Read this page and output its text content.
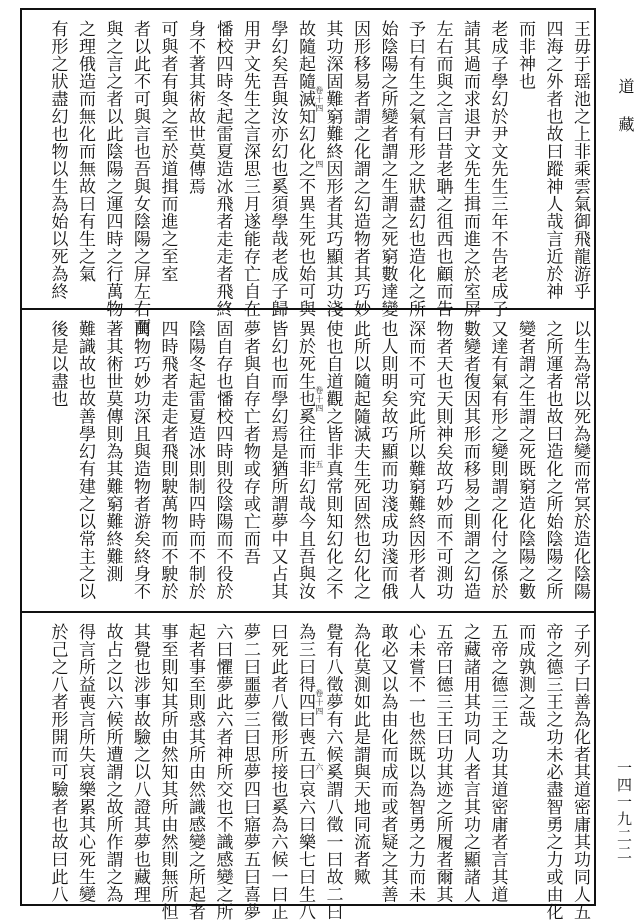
王毋于瑶池之上非乘雲氣御飛龍游乎
四海之外者也故曰蹤神人哉言近於神
而非神也
老成子學幻於尹文先生三年不告老成子
請其過而求退尹文先生揖而進之於室屏
左右而與之言曰昔老聃之徂西也顧而告
予曰有生之氣有形之狀盡幻也造化之所
始陰陽之所變者謂之生謂之死窮數達變
因形移易者謂之化謂之幻造物者其巧妙
其功深固難窮難終因形者其巧顯其功淺
故隨起隨滅知幻化之不異生死也始可與
學幻矣吾與汝亦幻也奚須學哉老成子歸
用尹文先生之言深思三月遂能存亡自在
憣校四時冬起雷夏造冰飛者走走者飛終
身不著其術故世莫傳焉
可與者有與之至於道揖而進之至室
者以此不可與言也吾與女陰陽之屏左右而
與之言之者以此陰陽之運四時之行萬物
之理俄造而無化而無故曰有生之氣
有形之狀盡幻也物以生為始以死為終	卷十四
四
以生為常以死為變而常冥於造化陰陽
之所運者也故曰造化之所始陰陽之所
變者謂之生謂之死既窮造化陰陽之數
又達有氣有形之變則謂之化付之係於
數變者復因其形而移易之則謂之幻造
物者天也天則神矣故巧妙而不可測功
深而不可究此所以難窮難終因形者人
也人則明矣故巧顯而功淺成功淺而俄
此所以隨起隨滅夫生死固然也幻化之
使也自道觀之皆非真常則知幻化之不
異於死生也奚往而非幻哉今且吾與汝
皆幻也而學幻焉是猶所謂夢中又占其
夢者與自存亡者物或存或亡而吾
固自存也憣校四時則役陰陽而不役於
陰陽冬起雷夏造冰則制四時而不制於
四時飛者走走者飛則駛萬物而不駛於
萬物巧妙功深且與造物者游矣終身不
著其術世莫傳則為其難窮難終難測
難識故也故善學幻有建之以常主之以
後是以盡也	卷十四
五
子列子曰善為化者其道密庸其功同人五
帝之德三王之功未必盡智勇之力或由化
而成孰測之哉
五帝之德三王之功其道密庸者言其道
之藏諸用其功同人者言其功之顯諸人
五帝曰德三王曰功其迹之所履者爾其
心未嘗不一也然既以為智勇之力而未
敢必又以為由化而成而或者疑之其善
為化莫測如此是謂與天地同流者歟
覺有八徵夢有六候奚謂八徵一曰故二曰
為三曰得四曰喪五曰哀六曰樂七曰生八
曰死此者八徵形所接也奚為六候一曰正
夢二曰噩夢三曰思夢四曰寤夢五曰喜夢
六曰懼夢此六者神所交也不識感變之所
起者事至則惑其所由然識感變之所起者
事至則知其所由然知其所由然則無所怛
其覺也涉事故驗之以八證其夢也藏理
故占之以六候所遭謂之故所作謂之為
得言所益喪言所失哀樂累其心死生變
於己之八者形開而可驗者也故曰此八	卷十四
六
道藏
一四一九二二
